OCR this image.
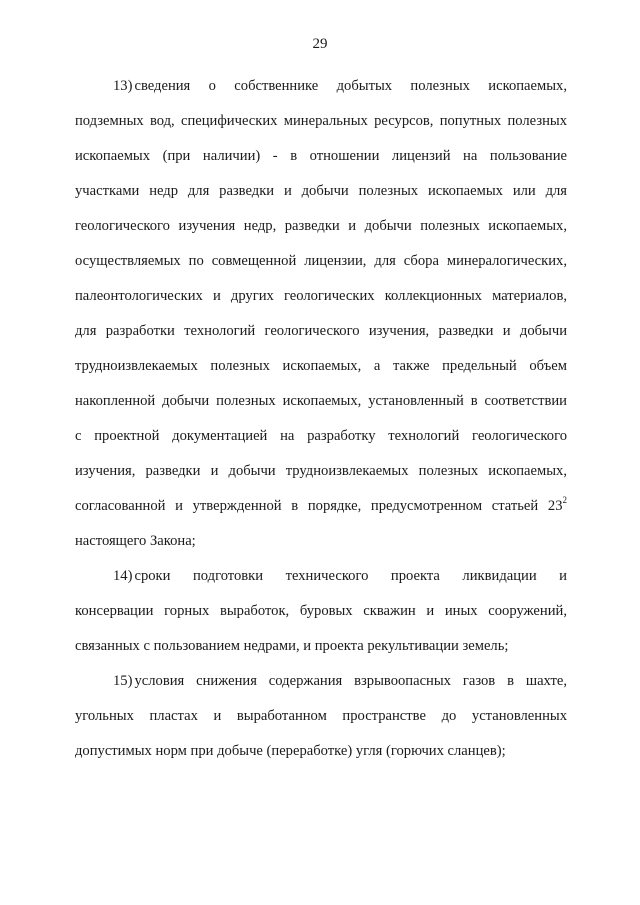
29
13) сведения о собственнике добытых полезных ископаемых,
подземных вод, специфических минеральных ресурсов, попутных полезных
ископаемых (при наличии) - в отношении лицензий на пользование
участками недр для разведки и добычи полезных ископаемых или для
геологического изучения недр, разведки и добычи полезных ископаемых,
осуществляемых по совмещенной лицензии, для сбора минералогических,
палеонтологических и других геологических коллекционных материалов,
для разработки технологий геологического изучения, разведки и добычи
трудноизвлекаемых полезных ископаемых, а также предельный объем
накопленной добычи полезных ископаемых, установленный в соответствии
с проектной документацией на разработку технологий геологического
изучения, разведки и добычи трудноизвлекаемых полезных ископаемых,
согласованной и утвержденной в порядке, предусмотренном статьей $23^2$
настоящего Закона;
14) сроки подготовки технического проекта ликвидации и
консервации горных выработок, буровых скважин и иных сооружений,
связанных с пользованием недрами, и проекта рекультивации земель;
15) условия снижения содержания взрывоопасных газов в шахте,
угольных пластах и выработанном пространстве до установленных
допустимых норм при добыче (переработке) угля (горючих сланцев);
